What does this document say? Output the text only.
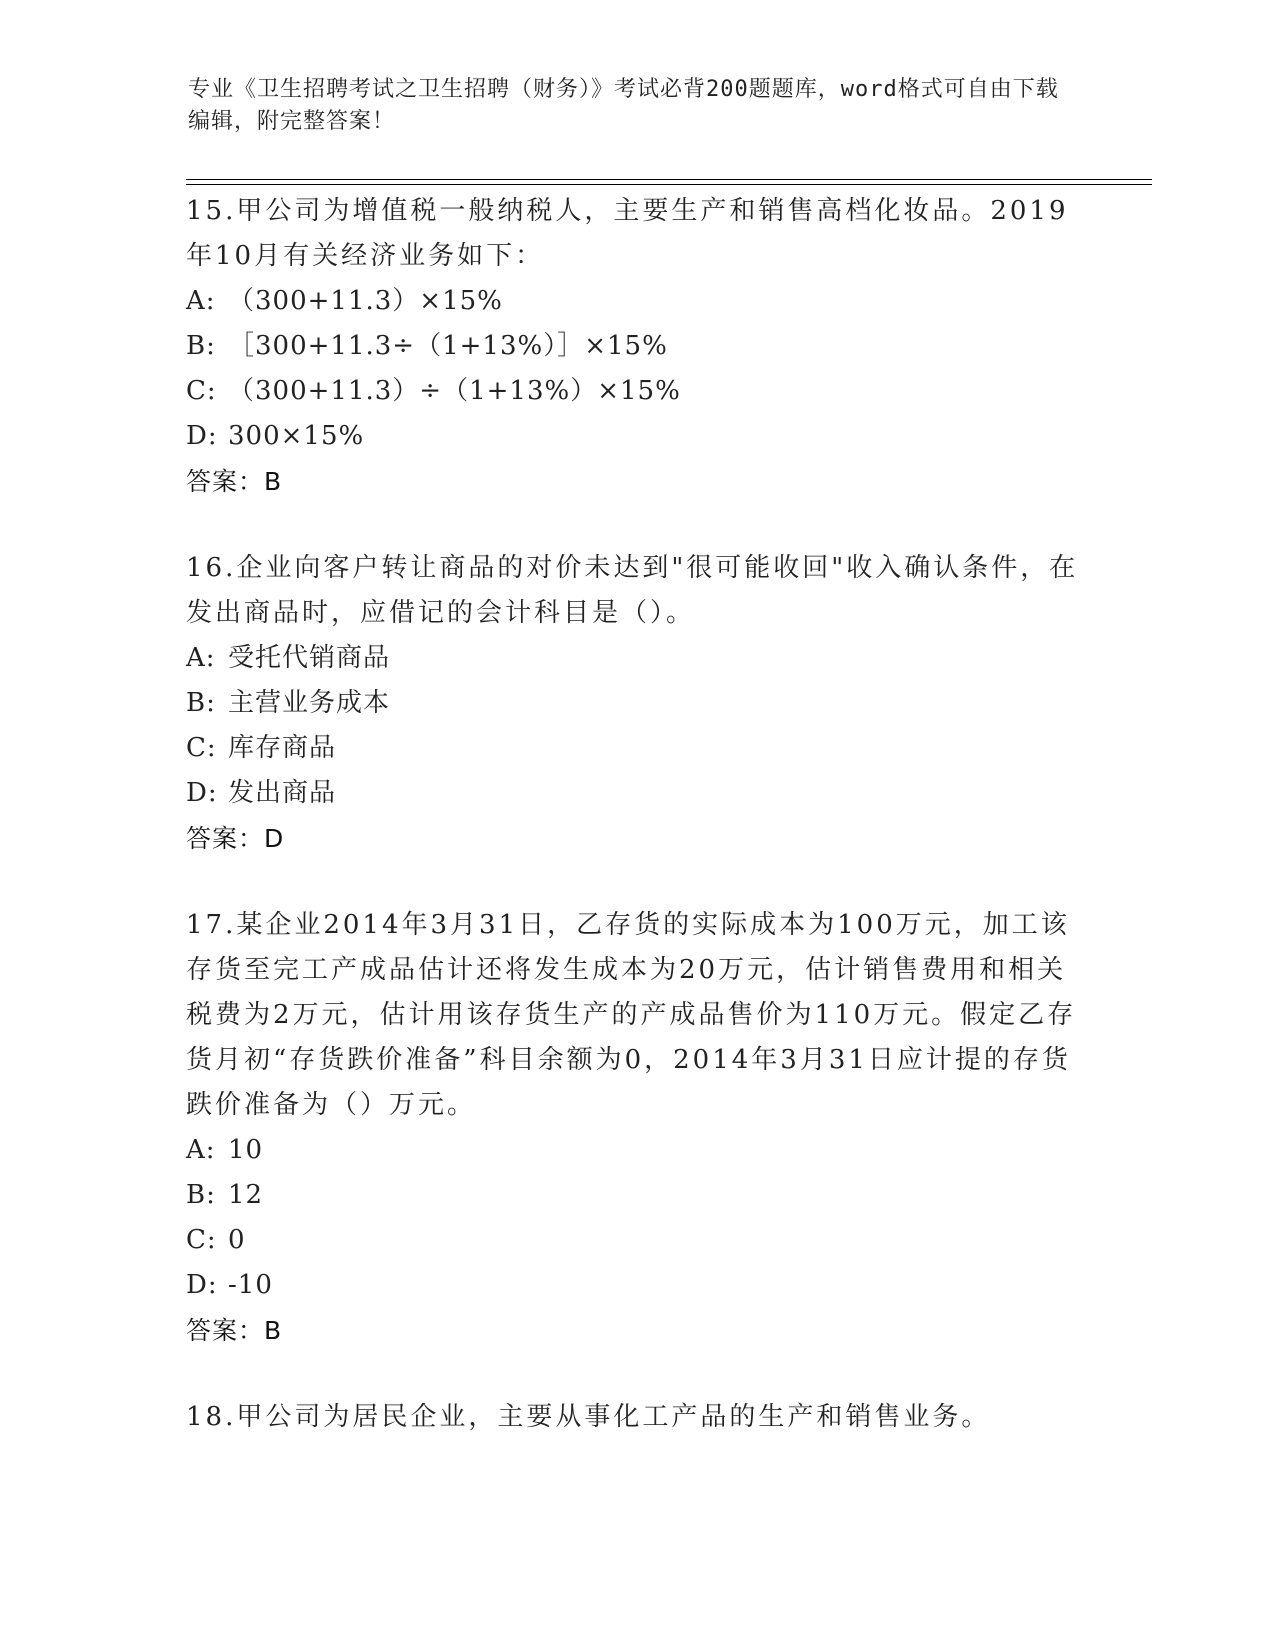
专业《卫生招聘考试之卫生招聘（财务）》考试必背200题题库，word格式可自由下载编辑，附完整答案！
15.甲公司为增值税一般纳税人，主要生产和销售高档化妆品。2019年10月有关经济业务如下：
A: （300+11.3）×15%
B: ［300+11.3÷（1+13%）］×15%
C: （300+11.3）÷（1+13%）×15%
D: 300×15%
答案：B
16.企业向客户转让商品的对价未达到"很可能收回"收入确认条件，在发出商品时，应借记的会计科目是（）。
A: 受托代销商品
B: 主营业务成本
C: 库存商品
D: 发出商品
答案：D
17.某企业2014年3月31日，乙存货的实际成本为100万元，加工该存货至完工产成品估计还将发生成本为20万元，估计销售费用和相关税费为2万元，估计用该存货生产的产成品售价为110万元。假定乙存货月初“存货跌价准备”科目余额为0，2014年3月31日应计提的存货跌价准备为（）万元。
A: 10
B: 12
C: 0
D: -10
答案：B
18.甲公司为居民企业，主要从事化工产品的生产和销售业务。
